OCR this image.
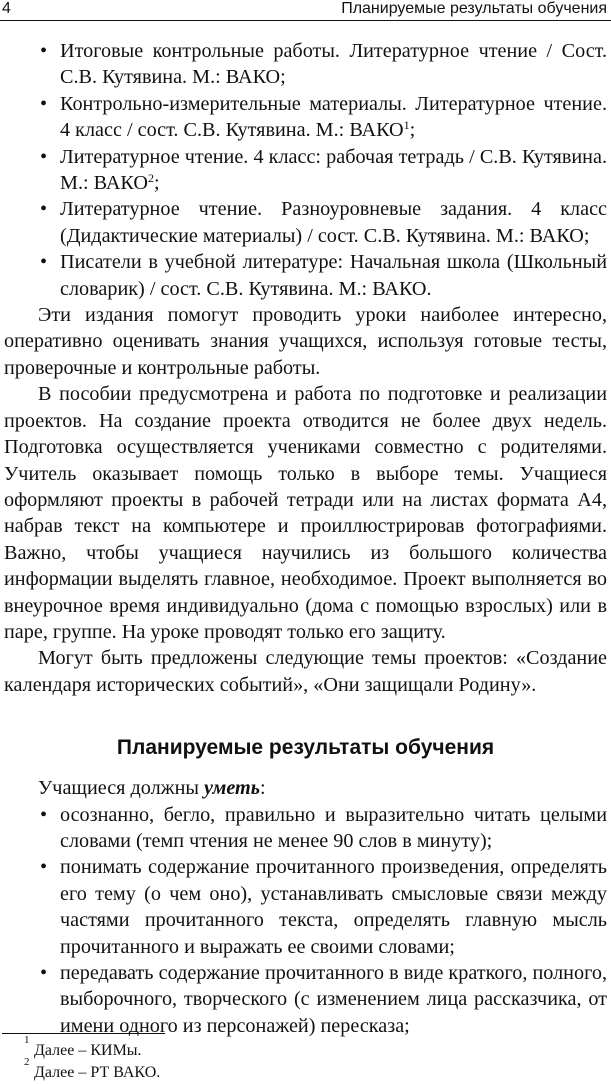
4	Планируемые результаты обучения
• Итоговые контрольные работы. Литературное чтение / Сост. С.В. Кутявина. М.: ВАКО;
• Контрольно-измерительные материалы. Литературное чтение. 4 класс / сост. С.В. Кутявина. М.: ВАКО$^1$;
• Литературное чтение. 4 класс: рабочая тетрадь / С.В. Кутявина. М.: ВАКО$^2$;
• Литературное чтение. Разноуровневые задания. 4 класс (Дидактические материалы) / сост. С.В. Кутявина. М.: ВАКО;
• Писатели в учебной литературе: Начальная школа (Школьный словарик) / сост. С.В. Кутявина. М.: ВАКО.

Эти издания помогут проводить уроки наиболее интересно, оперативно оценивать знания учащихся, используя готовые тесты, проверочные и контрольные работы.

В пособии предусмотрена и работа по подготовке и реализации проектов. На создание проекта отводится не более двух недель. Подготовка осуществляется учениками совместно с родителями. Учитель оказывает помощь только в выборе темы. Учащиеся оформляют проекты в рабочей тетради или на листах формата А4, набрав текст на компьютере и проиллюстрировав фотографиями. Важно, чтобы учащиеся научились из большого количества информации выделять главное, необходимое. Проект выполняется во внеурочное время индивидуально (дома с помощью взрослых) или в паре, группе. На уроке проводят только его защиту.

Могут быть предложены следующие темы проектов: «Создание календаря исторических событий», «Они защищали Родину».

Планируемые результаты обучения

Учащиеся должны уметь:

• осознанно, бегло, правильно и выразительно читать целыми словами (темп чтения не менее 90 слов в минуту);
• понимать содержание прочитанного произведения, определять его тему (о чем оно), устанавливать смысловые связи между частями прочитанного текста, определять главную мысль прочитанного и выражать ее своими словами;
• передавать содержание прочитанного в виде краткого, полного, выборочного, творческого (с изменением лица рассказчика, от имени одного из персонажей) пересказа;
1
Далее – КИМы.
2
Далее – РТ ВАКО.
